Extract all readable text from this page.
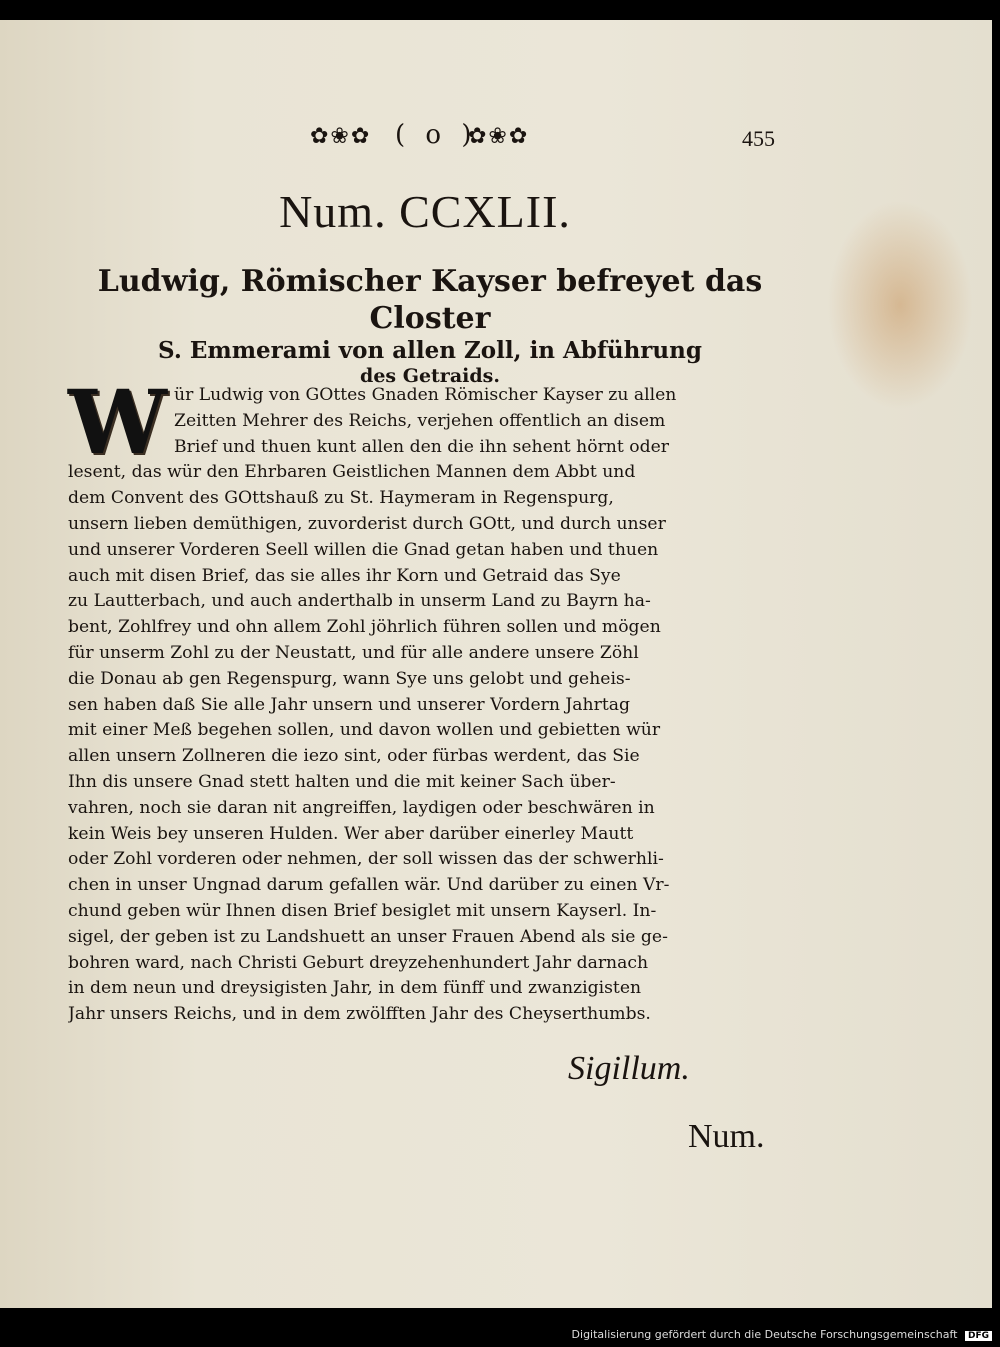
✿❀✿ ( o )
✿❀✿	455
Num. CCXLII.
Ludwig, Römischer Kayser befreyet das Closter
S. Emmerami von allen Zoll, in Abführung
des Getraids.
W ür Ludwig von GOttes Gnaden Römischer Kayser zu allen
Zeitten Mehrer des Reichs, verjehen offentlich an disem
Brief und thuen kunt allen den die ihn sehent hörnt oder
lesent, das wür den Ehrbaren Geistlichen Mannen dem Abbt und
dem Convent des GOttshauß zu St. Haymeram in Regenspurg,
unsern lieben demüthigen, zuvorderist durch GOtt, und durch unser
und unserer Vorderen Seell willen die Gnad getan haben und thuen
auch mit disen Brief, das sie alles ihr Korn und Getraid das Sye
zu Lautterbach, und auch anderthalb in unserm Land zu Bayrn ha-
bent, Zohlfrey und ohn allem Zohl jöhrlich führen sollen und mögen
für unserm Zohl zu der Neustatt, und für alle andere unsere Zöhl
die Donau ab gen Regenspurg, wann Sye uns gelobt und geheis-
sen haben daß Sie alle Jahr unsern und unserer Vordern Jahrtag
mit einer Meß begehen sollen, und davon wollen und gebietten wür
allen unsern Zollneren die iezo sint, oder fürbas werdent, das Sie
Ihn dis unsere Gnad stett halten und die mit keiner Sach über-
vahren, noch sie daran nit angreiffen, laydigen oder beschwären in
kein Weis bey unseren Hulden. Wer aber darüber einerley Mautt
oder Zohl vorderen oder nehmen, der soll wissen das der schwerhli-
chen in unser Ungnad darum gefallen wär. Und darüber zu einen Vr-
chund geben wür Ihnen disen Brief besiglet mit unsern Kayserl. In-
sigel, der geben ist zu Landshuett an unser Frauen Abend als sie ge-
bohren ward, nach Christi Geburt dreyzehenhundert Jahr darnach
in dem neun und dreysigisten Jahr, in dem fünff und zwanzigisten
Jahr unsers Reichs, und in dem zwölfften Jahr des Cheyserthumbs.
Sigillum.
Num.
Digitalisierung gefördert durch die Deutsche Forschungsgemeinschaft DFG
